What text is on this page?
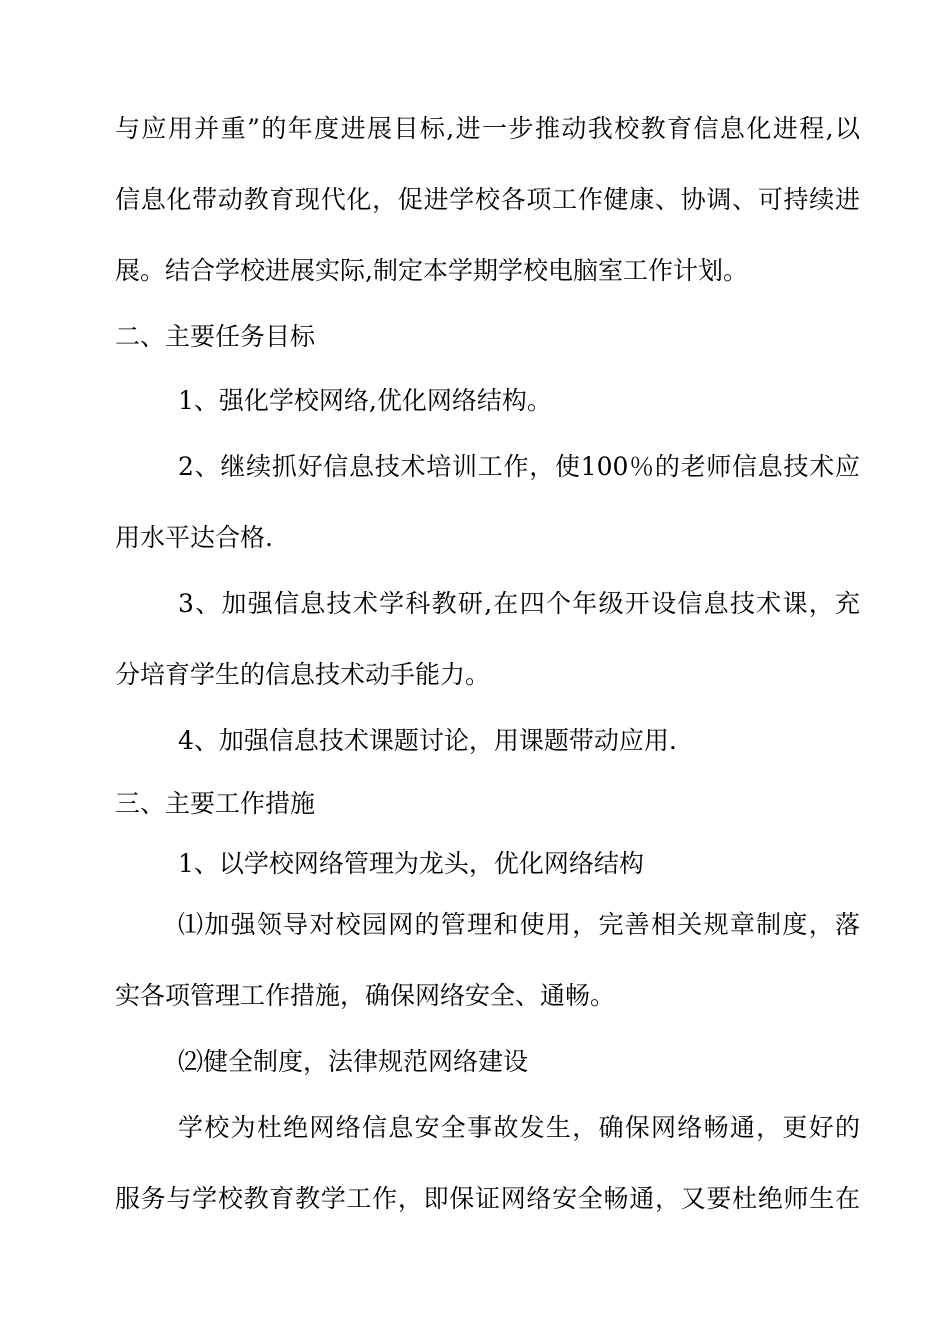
与应用并重”的年度进展目标,进一步推动我校教育信息化进程,以
信息化带动教育现代化，促进学校各项工作健康、协调、可持续进
展。结合学校进展实际,制定本学期学校电脑室工作计划。
二、主要任务目标
1、强化学校网络,优化网络结构。
2、继续抓好信息技术培训工作，使100％的老师信息技术应
用水平达合格.
3、加强信息技术学科教研,在四个年级开设信息技术课，充
分培育学生的信息技术动手能力。
4、加强信息技术课题讨论，用课题带动应用.
三、主要工作措施
1、以学校网络管理为龙头，优化网络结构
⑴加强领导对校园网的管理和使用，完善相关规章制度，落
实各项管理工作措施，确保网络安全、通畅。
⑵健全制度，法律规范网络建设
学校为杜绝网络信息安全事故发生，确保网络畅通，更好的
服务与学校教育教学工作，即保证网络安全畅通，又要杜绝师生在
